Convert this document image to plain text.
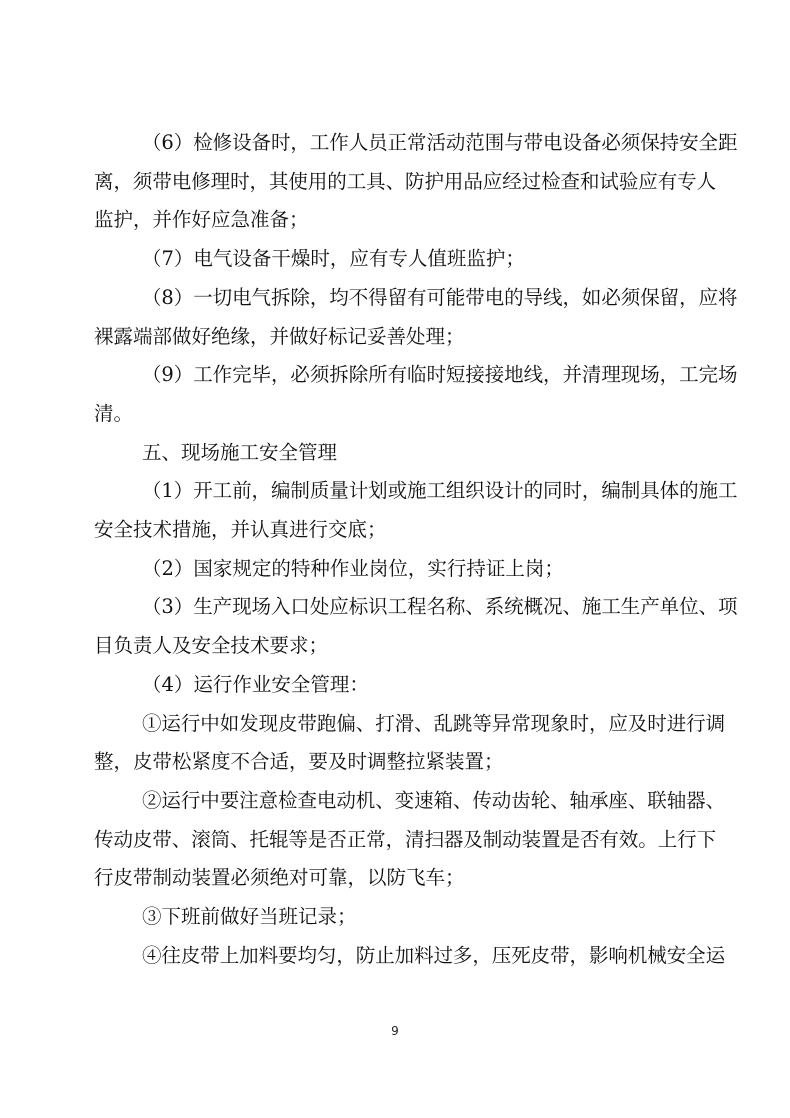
（6）检修设备时，工作人员正常活动范围与带电设备必须保持安全距
离，须带电修理时，其使用的工具、防护用品应经过检查和试验应有专人
监护，并作好应急准备；
（7）电气设备干燥时，应有专人值班监护；
（8）一切电气拆除，均不得留有可能带电的导线，如必须保留，应将
裸露端部做好绝缘，并做好标记妥善处理；
（9）工作完毕，必须拆除所有临时短接接地线，并清理现场，工完场
清。
五、现场施工安全管理
（1）开工前，编制质量计划或施工组织设计的同时，编制具体的施工
安全技术措施，并认真进行交底；
（2）国家规定的特种作业岗位，实行持证上岗；
（3）生产现场入口处应标识工程名称、系统概况、施工生产单位、项
目负责人及安全技术要求；
（4）运行作业安全管理：
①运行中如发现皮带跑偏、打滑、乱跳等异常现象时，应及时进行调
整，皮带松紧度不合适，要及时调整拉紧装置；
②运行中要注意检查电动机、变速箱、传动齿轮、轴承座、联轴器、
传动皮带、滚筒、托辊等是否正常，清扫器及制动装置是否有效。上行下
行皮带制动装置必须绝对可靠，以防飞车；
③下班前做好当班记录；
④往皮带上加料要均匀，防止加料过多，压死皮带，影响机械安全运
9
